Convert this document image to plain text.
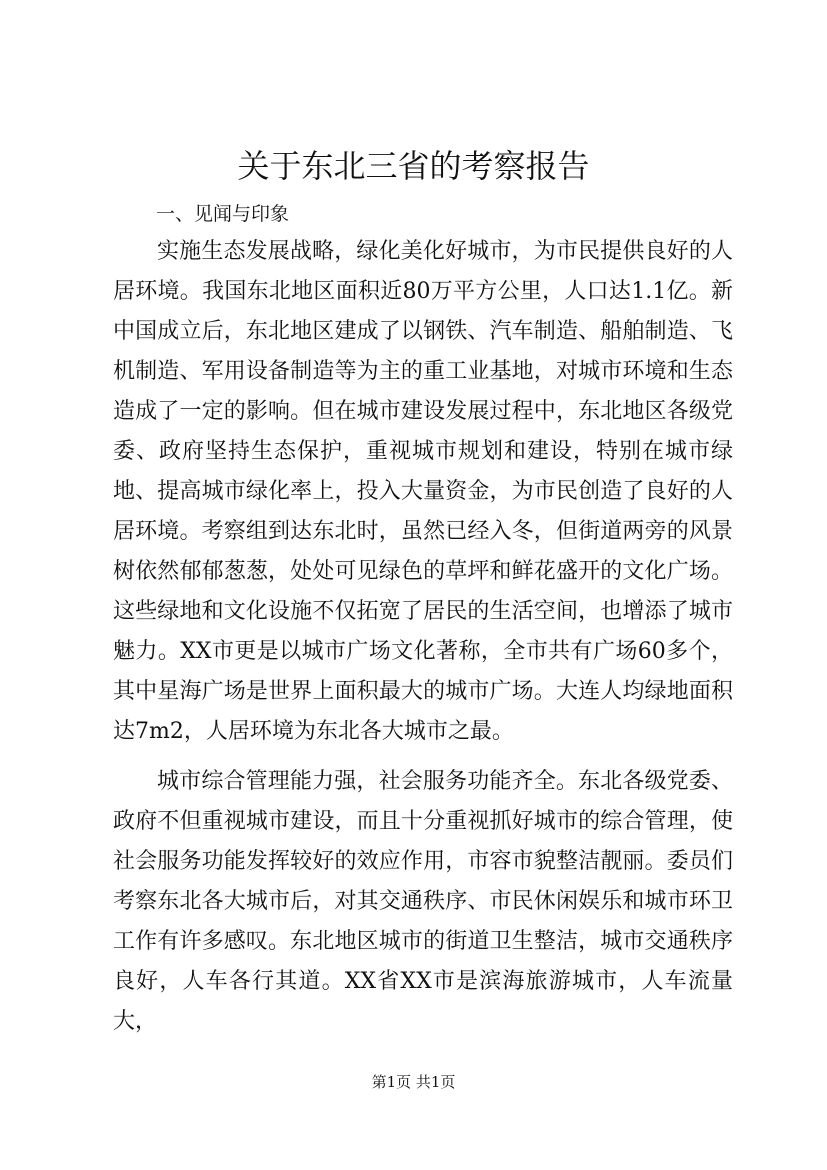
关于东北三省的考察报告

一、见闻与印象

实施生态发展战略，绿化美化好城市，为市民提供良好的人居环境。我国东北地区面积近80万平方公里，人口达1.1亿。新中国成立后，东北地区建成了以钢铁、汽车制造、船舶制造、飞机制造、军用设备制造等为主的重工业基地，对城市环境和生态造成了一定的影响。但在城市建设发展过程中，东北地区各级党委、政府坚持生态保护，重视城市规划和建设，特别在城市绿地、提高城市绿化率上，投入大量资金，为市民创造了良好的人居环境。考察组到达东北时，虽然已经入冬，但街道两旁的风景树依然郁郁葱葱，处处可见绿色的草坪和鲜花盛开的文化广场。这些绿地和文化设施不仅拓宽了居民的生活空间，也增添了城市魅力。XX市更是以城市广场文化著称，全市共有广场60多个，其中星海广场是世界上面积最大的城市广场。大连人均绿地面积达7m2，人居环境为东北各大城市之最。

城市综合管理能力强，社会服务功能齐全。东北各级党委、政府不但重视城市建设，而且十分重视抓好城市的综合管理，使社会服务功能发挥较好的效应作用，市容市貌整洁靓丽。委员们考察东北各大城市后，对其交通秩序、市民休闲娱乐和城市环卫工作有许多感叹。东北地区城市的街道卫生整洁，城市交通秩序良好，人车各行其道。XX省XX市是滨海旅游城市，人车流量大，

第1页 共1页
